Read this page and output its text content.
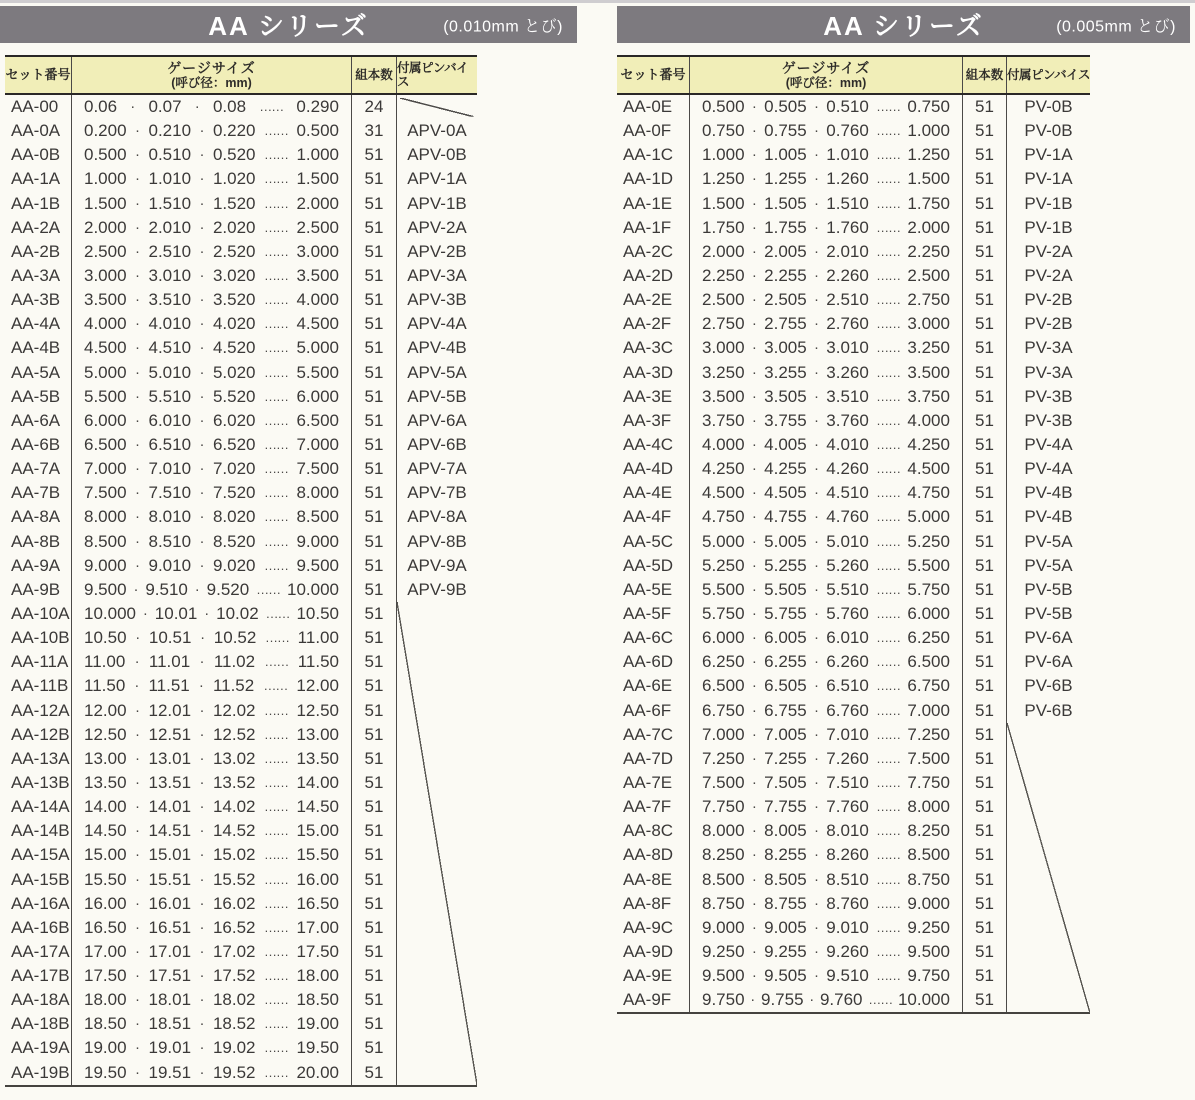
AA シリーズ	(0.010mm とび)
セット番号	ゲージサイズ
(呼び径：mm)
組本数
付属ピンバイス
AA-00	0.06 · 0.07 · 0.08 …… 0.290	24
AA-0A	0.200 · 0.210 · 0.220 …… 0.500	31	APV-0A
AA-0B	0.500 · 0.510 · 0.520 …… 1.000	51	APV-0B
AA-1A	1.000 · 1.010 · 1.020 …… 1.500	51	APV-1A
AA-1B	1.500 · 1.510 · 1.520 …… 2.000	51	APV-1B
AA-2A	2.000 · 2.010 · 2.020 …… 2.500	51	APV-2A
AA-2B	2.500 · 2.510 · 2.520 …… 3.000	51	APV-2B
AA-3A	3.000 · 3.010 · 3.020 …… 3.500	51	APV-3A
AA-3B	3.500 · 3.510 · 3.520 …… 4.000	51	APV-3B
AA-4A	4.000 · 4.010 · 4.020 …… 4.500	51	APV-4A
AA-4B	4.500 · 4.510 · 4.520 …… 5.000	51	APV-4B
AA-5A	5.000 · 5.010 · 5.020 …… 5.500	51	APV-5A
AA-5B	5.500 · 5.510 · 5.520 …… 6.000	51	APV-5B
AA-6A	6.000 · 6.010 · 6.020 …… 6.500	51	APV-6A
AA-6B	6.500 · 6.510 · 6.520 …… 7.000	51	APV-6B
AA-7A	7.000 · 7.010 · 7.020 …… 7.500	51	APV-7A
AA-7B	7.500 · 7.510 · 7.520 …… 8.000	51	APV-7B
AA-8A	8.000 · 8.010 · 8.020 …… 8.500	51	APV-8A
AA-8B	8.500 · 8.510 · 8.520 …… 9.000	51	APV-8B
AA-9A	9.000 · 9.010 · 9.020 …… 9.500	51	APV-9A
AA-9B	9.500 · 9.510 · 9.520 …… 10.000	51	APV-9B
AA-10A 10.000 · 10.01 · 10.02 …… 10.50	51
AA-10B 10.50 · 10.51 · 10.52 …… 11.00	51
AA-11A 11.00 · 11.01 · 11.02 …… 11.50	51
AA-11B 11.50 · 11.51 · 11.52 …… 12.00	51
AA-12A 12.00 · 12.01 · 12.02 …… 12.50	51
AA-12B 12.50 · 12.51 · 12.52 …… 13.00	51
AA-13A 13.00 · 13.01 · 13.02 …… 13.50	51
AA-13B 13.50 · 13.51 · 13.52 …… 14.00	51
AA-14A 14.00 · 14.01 · 14.02 …… 14.50	51
AA-14B 14.50 · 14.51 · 14.52 …… 15.00	51
AA-15A 15.00 · 15.01 · 15.02 …… 15.50	51
AA-15B 15.50 · 15.51 · 15.52 …… 16.00	51
AA-16A 16.00 · 16.01 · 16.02 …… 16.50	51
AA-16B 16.50 · 16.51 · 16.52 …… 17.00	51
AA-17A 17.00 · 17.01 · 17.02 …… 17.50	51
AA-17B 17.50 · 17.51 · 17.52 …… 18.00	51
AA-18A 18.00 · 18.01 · 18.02 …… 18.50	51
AA-18B 18.50 · 18.51 · 18.52 …… 19.00	51
AA-19A 19.00 · 19.01 · 19.02 …… 19.50	51
AA-19B 19.50 · 19.51 · 19.52 …… 20.00	51
AA シリーズ	(0.005mm とび)
セット番号	ゲージサイズ
(呼び径：mm)
組本数 付属ピンバイス
AA-0E	0.500 · 0.505 · 0.510 …… 0.750	51	PV-0B
AA-0F	0.750 · 0.755 · 0.760 …… 1.000	51	PV-0B
AA-1C	1.000 · 1.005 · 1.010 …… 1.250	51	PV-1A
AA-1D	1.250 · 1.255 · 1.260 …… 1.500	51	PV-1A
AA-1E	1.500 · 1.505 · 1.510 …… 1.750	51	PV-1B
AA-1F	1.750 · 1.755 · 1.760 …… 2.000	51	PV-1B
AA-2C	2.000 · 2.005 · 2.010 …… 2.250	51	PV-2A
AA-2D	2.250 · 2.255 · 2.260 …… 2.500	51	PV-2A
AA-2E	2.500 · 2.505 · 2.510 …… 2.750	51	PV-2B
AA-2F	2.750 · 2.755 · 2.760 …… 3.000	51	PV-2B
AA-3C	3.000 · 3.005 · 3.010 …… 3.250	51	PV-3A
AA-3D	3.250 · 3.255 · 3.260 …… 3.500	51	PV-3A
AA-3E	3.500 · 3.505 · 3.510 …… 3.750	51	PV-3B
AA-3F	3.750 · 3.755 · 3.760 …… 4.000	51	PV-3B
AA-4C	4.000 · 4.005 · 4.010 …… 4.250	51	PV-4A
AA-4D	4.250 · 4.255 · 4.260 …… 4.500	51	PV-4A
AA-4E	4.500 · 4.505 · 4.510 …… 4.750	51	PV-4B
AA-4F	4.750 · 4.755 · 4.760 …… 5.000	51	PV-4B
AA-5C	5.000 · 5.005 · 5.010 …… 5.250	51	PV-5A
AA-5D	5.250 · 5.255 · 5.260 …… 5.500	51	PV-5A
AA-5E	5.500 · 5.505 · 5.510 …… 5.750	51	PV-5B
AA-5F	5.750 · 5.755 · 5.760 …… 6.000	51	PV-5B
AA-6C	6.000 · 6.005 · 6.010 …… 6.250	51	PV-6A
AA-6D	6.250 · 6.255 · 6.260 …… 6.500	51	PV-6A
AA-6E	6.500 · 6.505 · 6.510 …… 6.750	51	PV-6B
AA-6F	6.750 · 6.755 · 6.760 …… 7.000	51	PV-6B
AA-7C	7.000 · 7.005 · 7.010 …… 7.250	51
AA-7D	7.250 · 7.255 · 7.260 …… 7.500	51
AA-7E	7.500 · 7.505 · 7.510 …… 7.750	51
AA-7F	7.750 · 7.755 · 7.760 …… 8.000	51
AA-8C	8.000 · 8.005 · 8.010 …… 8.250	51
AA-8D	8.250 · 8.255 · 8.260 …… 8.500	51
AA-8E	8.500 · 8.505 · 8.510 …… 8.750	51
AA-8F	8.750 · 8.755 · 8.760 …… 9.000	51
AA-9C	9.000 · 9.005 · 9.010 …… 9.250	51
AA-9D	9.250 · 9.255 · 9.260 …… 9.500	51
AA-9E	9.500 · 9.505 · 9.510 …… 9.750	51
AA-9F	9.750 · 9.755 · 9.760 …… 10.000	51
